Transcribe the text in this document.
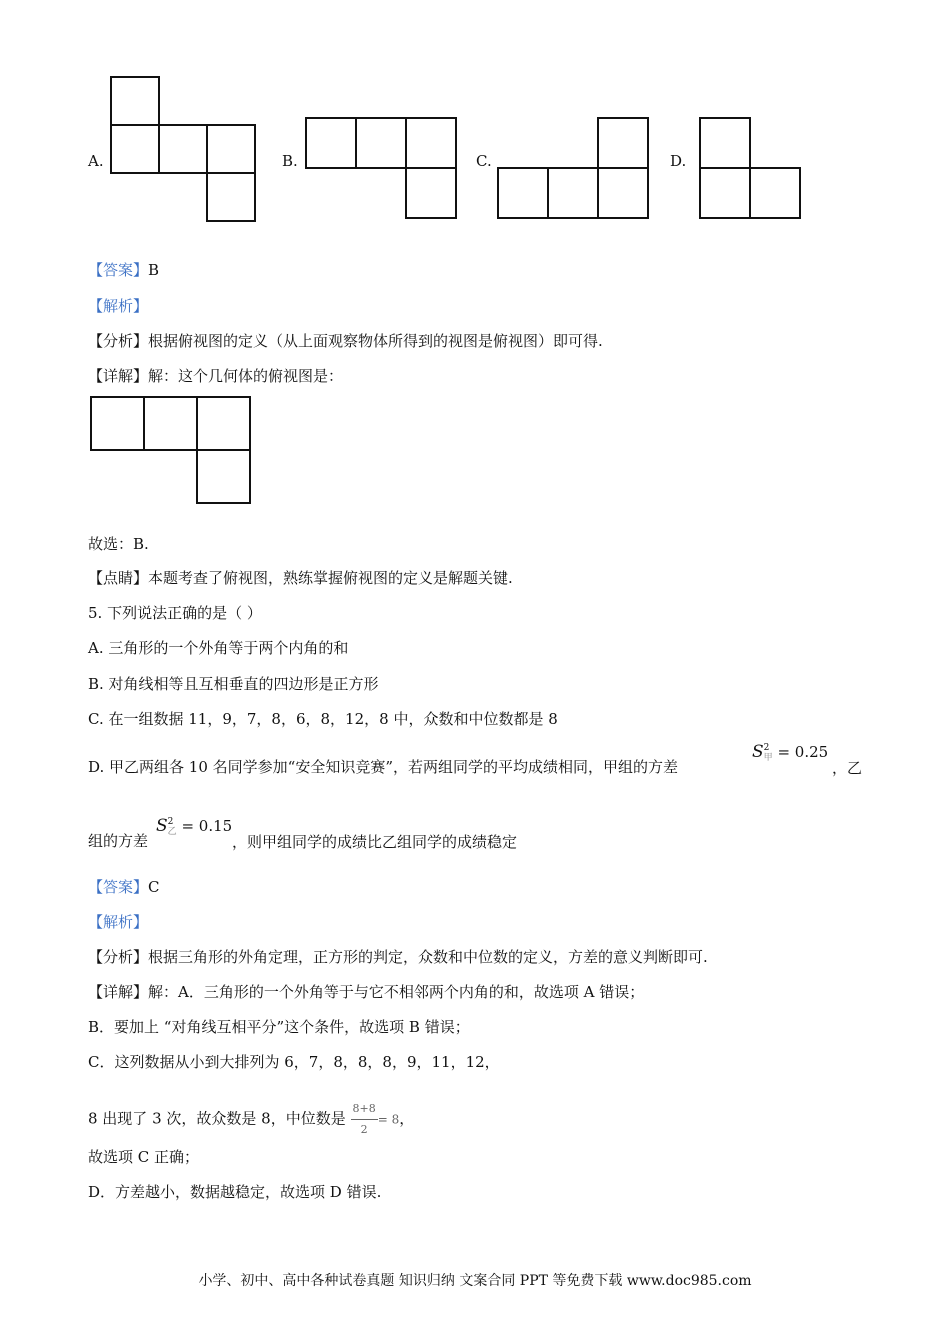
A.	B.	C.	D.
【答案】B
【解析】
【分析】根据俯视图的定义（从上面观察物体所得到的视图是俯视图）即可得.
【详解】解：这个几何体的俯视图是：
故选：B.
【点睛】本题考查了俯视图，熟练掌握俯视图的定义是解题关键.
5. 下列说法正确的是（ ）
A. 三角形的一个外角等于两个内角的和
B. 对角线相等且互相垂直的四边形是正方形
C. 在一组数据 11，9，7，8，6，8，12，8 中，众数和中位数都是 8
D. 甲乙两组各 10 名同学参加“安全知识竞赛”，若两组同学的平均成绩相同，甲组的方差
S 2
甲 = 0.25
，乙
组的方差
S 2
乙 = 0.15
，则甲组同学的成绩比乙组同学的成绩稳定
【答案】C
【解析】
【分析】根据三角形的外角定理，正方形的判定，众数和中位数的定义，方差的意义判断即可.
【详解】解：A．三角形的一个外角等于与它不相邻两个内角的和，故选项 A 错误；
B．要加上 “对角线互相平分”这个条件，故选项 B 错误；
C．这列数据从小到大排列为 6，7，8，8，8，9，11，12，
8 出现了 3 次，故众数是 8，中位数是 $\frac{8+8}{2} = 8$，
故选项 C 正确；
D．方差越小，数据越稳定，故选项 D 错误.
小学、初中、高中各种试卷真题 知识归纳 文案合同 PPT 等免费下载 www.doc985.com
